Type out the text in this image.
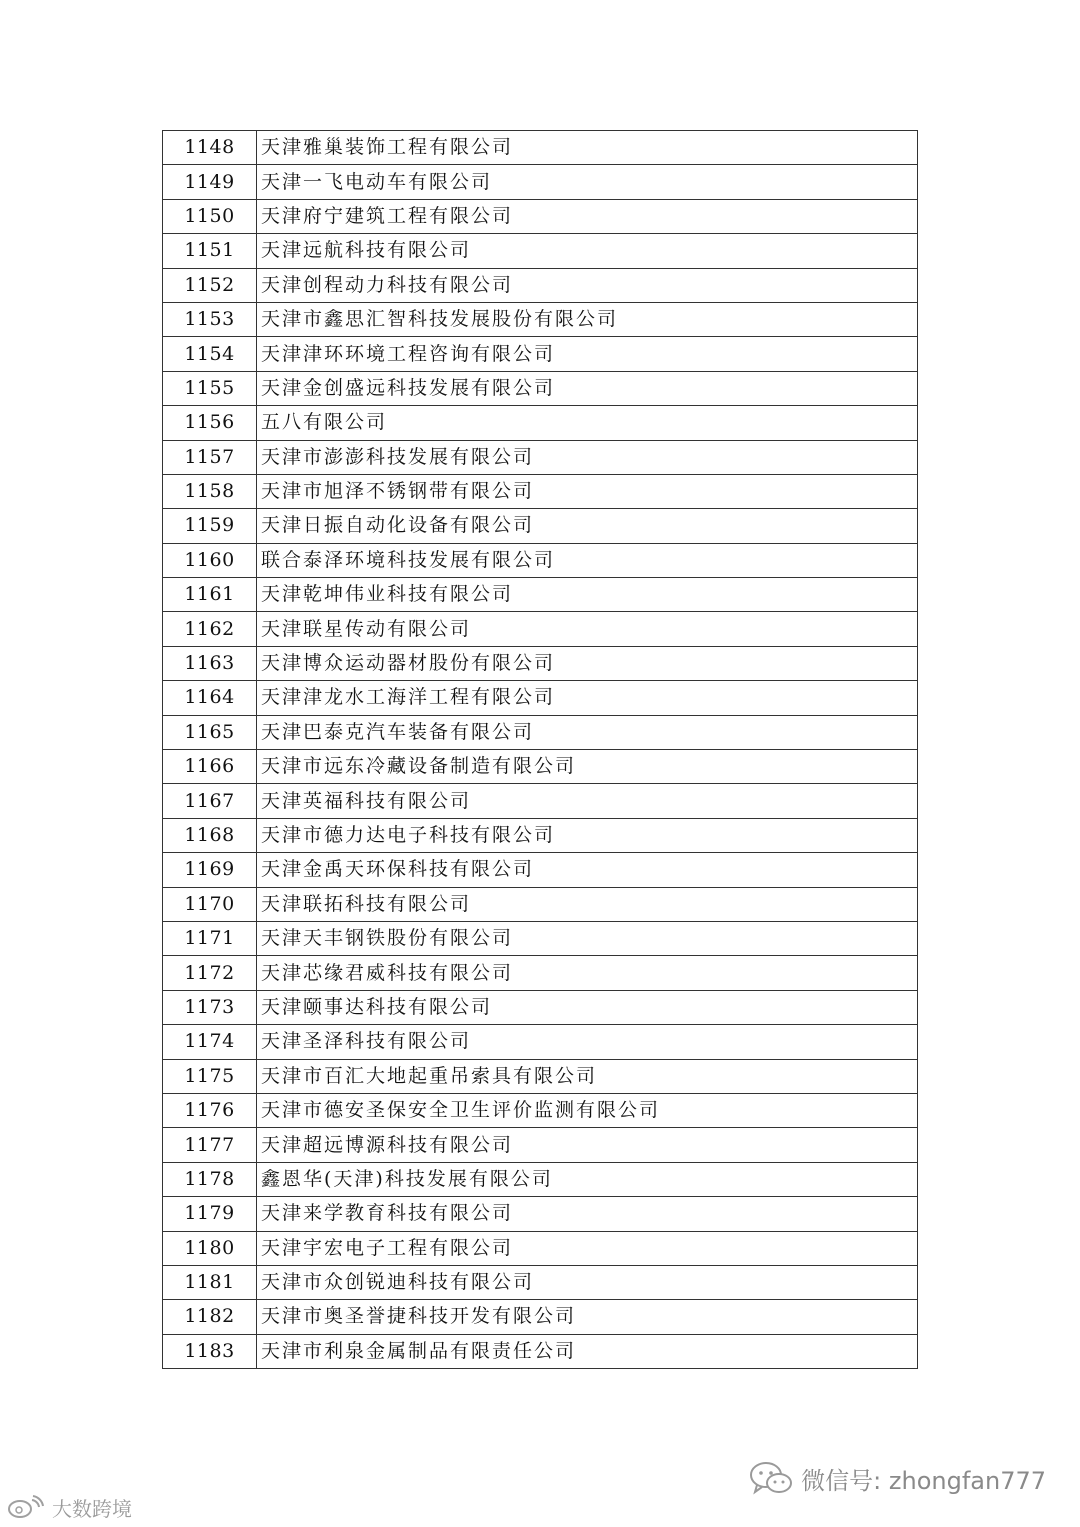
1148	天津雅巢装饰工程有限公司
1149	天津一飞电动车有限公司
1150	天津府宁建筑工程有限公司
1151	天津远航科技有限公司
1152	天津创程动力科技有限公司
1153	天津市鑫思汇智科技发展股份有限公司
1154	天津津环环境工程咨询有限公司
1155	天津金创盛远科技发展有限公司
1156	五八有限公司
1157	天津市澎澎科技发展有限公司
1158	天津市旭泽不锈钢带有限公司
1159	天津日振自动化设备有限公司
1160	联合泰泽环境科技发展有限公司
1161	天津乾坤伟业科技有限公司
1162	天津联星传动有限公司
1163	天津博众运动器材股份有限公司
1164	天津津龙水工海洋工程有限公司
1165	天津巴泰克汽车装备有限公司
1166	天津市远东冷藏设备制造有限公司
1167	天津英福科技有限公司
1168	天津市德力达电子科技有限公司
1169	天津金禹天环保科技有限公司
1170	天津联拓科技有限公司
1171	天津天丰钢铁股份有限公司
1172	天津芯缘君威科技有限公司
1173	天津颐事达科技有限公司
1174	天津圣泽科技有限公司
1175	天津市百汇大地起重吊索具有限公司
1176	天津市德安圣保安全卫生评价监测有限公司
1177	天津超远博源科技有限公司
1178	鑫恩华(天津)科技发展有限公司
1179	天津来学教育科技有限公司
1180	天津宇宏电子工程有限公司
1181	天津市众创锐迪科技有限公司
1182	天津市奥圣誉捷科技开发有限公司
1183	天津市利泉金属制品有限责任公司
微信号: zhongfan777
大数跨境
